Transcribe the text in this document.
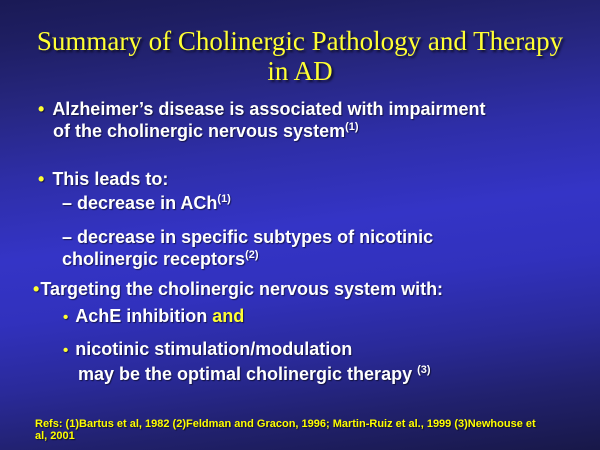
Summary of Cholinergic Pathology and Therapy
in AD
• Alzheimer’s disease is associated with impairment
of the cholinergic nervous system$^{(1)}$
• This leads to:
– decrease in ACh$^{(1)}$
– decrease in specific subtypes of nicotinic
cholinergic receptors$^{(2)}$
•Targeting the cholinergic nervous system with:
• AchE inhibition and
• nicotinic stimulation/modulation
may be the optimal cholinergic therapy $^{(3)}$
Refs: (1)Bartus et al, 1982 (2)Feldman and Gracon, 1996; Martin-Ruiz et al., 1999 (3)Newhouse et
al, 2001
